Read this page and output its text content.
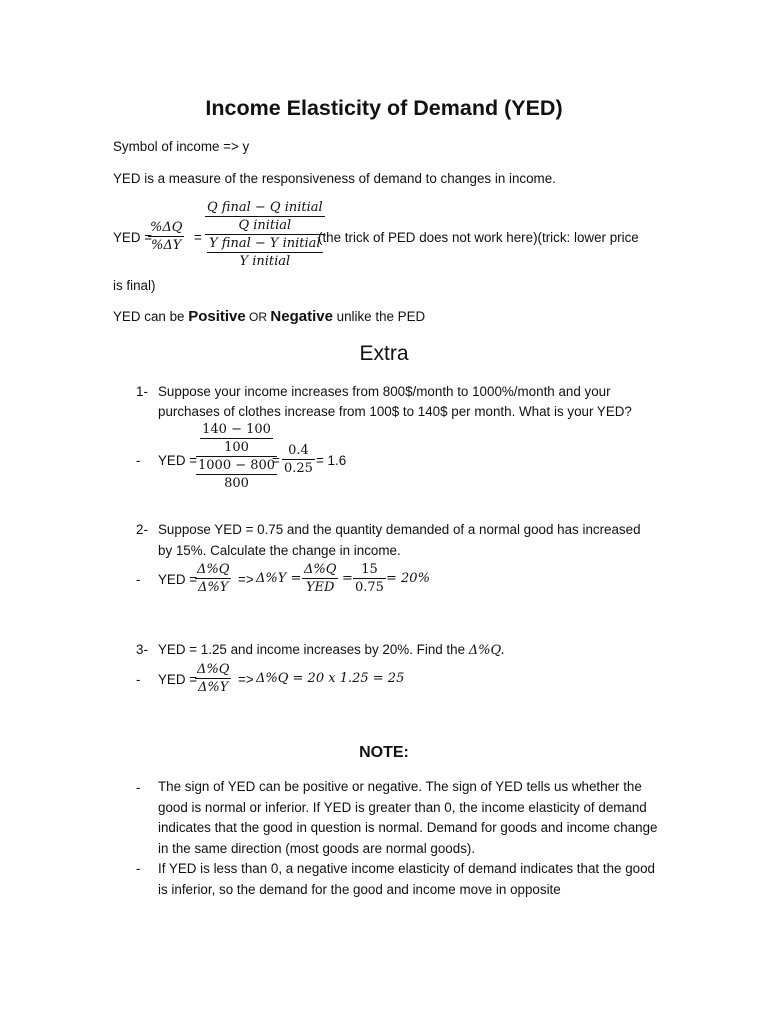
Income Elasticity of Demand (YED)
Symbol of income => y
YED is a measure of the responsiveness of demand to changes in income.
YED =
%ΔQ
%ΔY
=
$\frac{\text{Q final − Q initial}}{\text{Q initial}}$
$\frac{\text{Y final − Y initial}}{\text{Y initial}}$
(the trick of PED does not work here)(trick: lower price
is final)
YED can be Positive OR Negative unlike the PED
Extra
1- Suppose your income increases from 800$/month to 1000%/month and your
purchases of clothes increase from 100$ to 140$ per month. What is your YED?
- YED =
$\frac{140 - 100}{100}$
$\frac{1000 - 800}{800}$
=
0.4
0.25
= 1.6
2- Suppose YED = 0.75 and the quantity demanded of a normal good has increased
by 15%. Calculate the change in income.
- YED =
Δ%Q
Δ%Y
=> Δ%Y =
Δ%Q
YED
=
15
0.75
= 20%
3- YED = 1.25 and income increases by 20%. Find the Δ%Q.
- YED =
Δ%Q
Δ%Y
=> Δ%Q = 20 x 1.25 = 25
NOTE:
- The sign of YED can be positive or negative. The sign of YED tells us whether the good is normal or inferior. If YED is greater than 0, the income elasticity of demand indicates that the good in question is normal. Demand for goods and income change in the same direction (most goods are normal goods).
- If YED is less than 0, a negative income elasticity of demand indicates that the good is inferior, so the demand for the good and income move in opposite
